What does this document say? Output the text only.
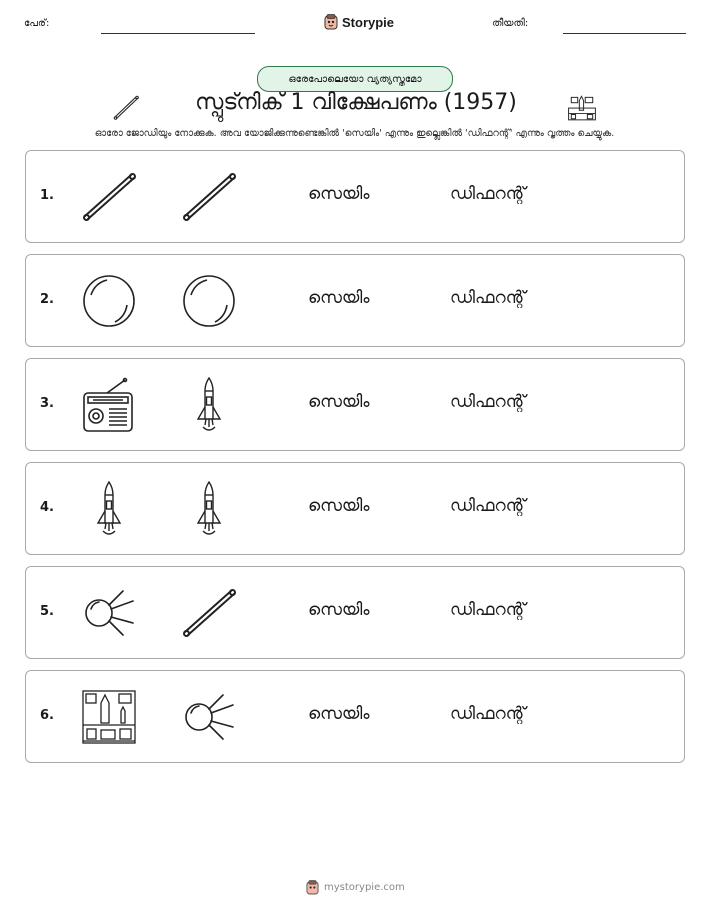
പേര്:	Storypie	തീയതി:
ഒരേപോലെയോ വ്യത്യസ്തമോ
സ്പുട്നിക് 1 വിക്ഷേപണം (1957)
ഓരോ ജോഡിയും നോക്കുക. അവ യോജിക്കുന്നുണ്ടെങ്കിൽ 'സെയിം' എന്നും ഇല്ലെങ്കിൽ 'ഡിഫറന്റ്' എന്നും വൃത്തം ചെയ്യുക.
1.	സെയിം	ഡിഫറന്റ്
2.	സെയിം	ഡിഫറന്റ്
3.	സെയിം	ഡിഫറന്റ്
4.	സെയിം	ഡിഫറന്റ്
5.	സെയിം	ഡിഫറന്റ്
6.	സെയിം	ഡിഫറന്റ്
mystorypie.com
